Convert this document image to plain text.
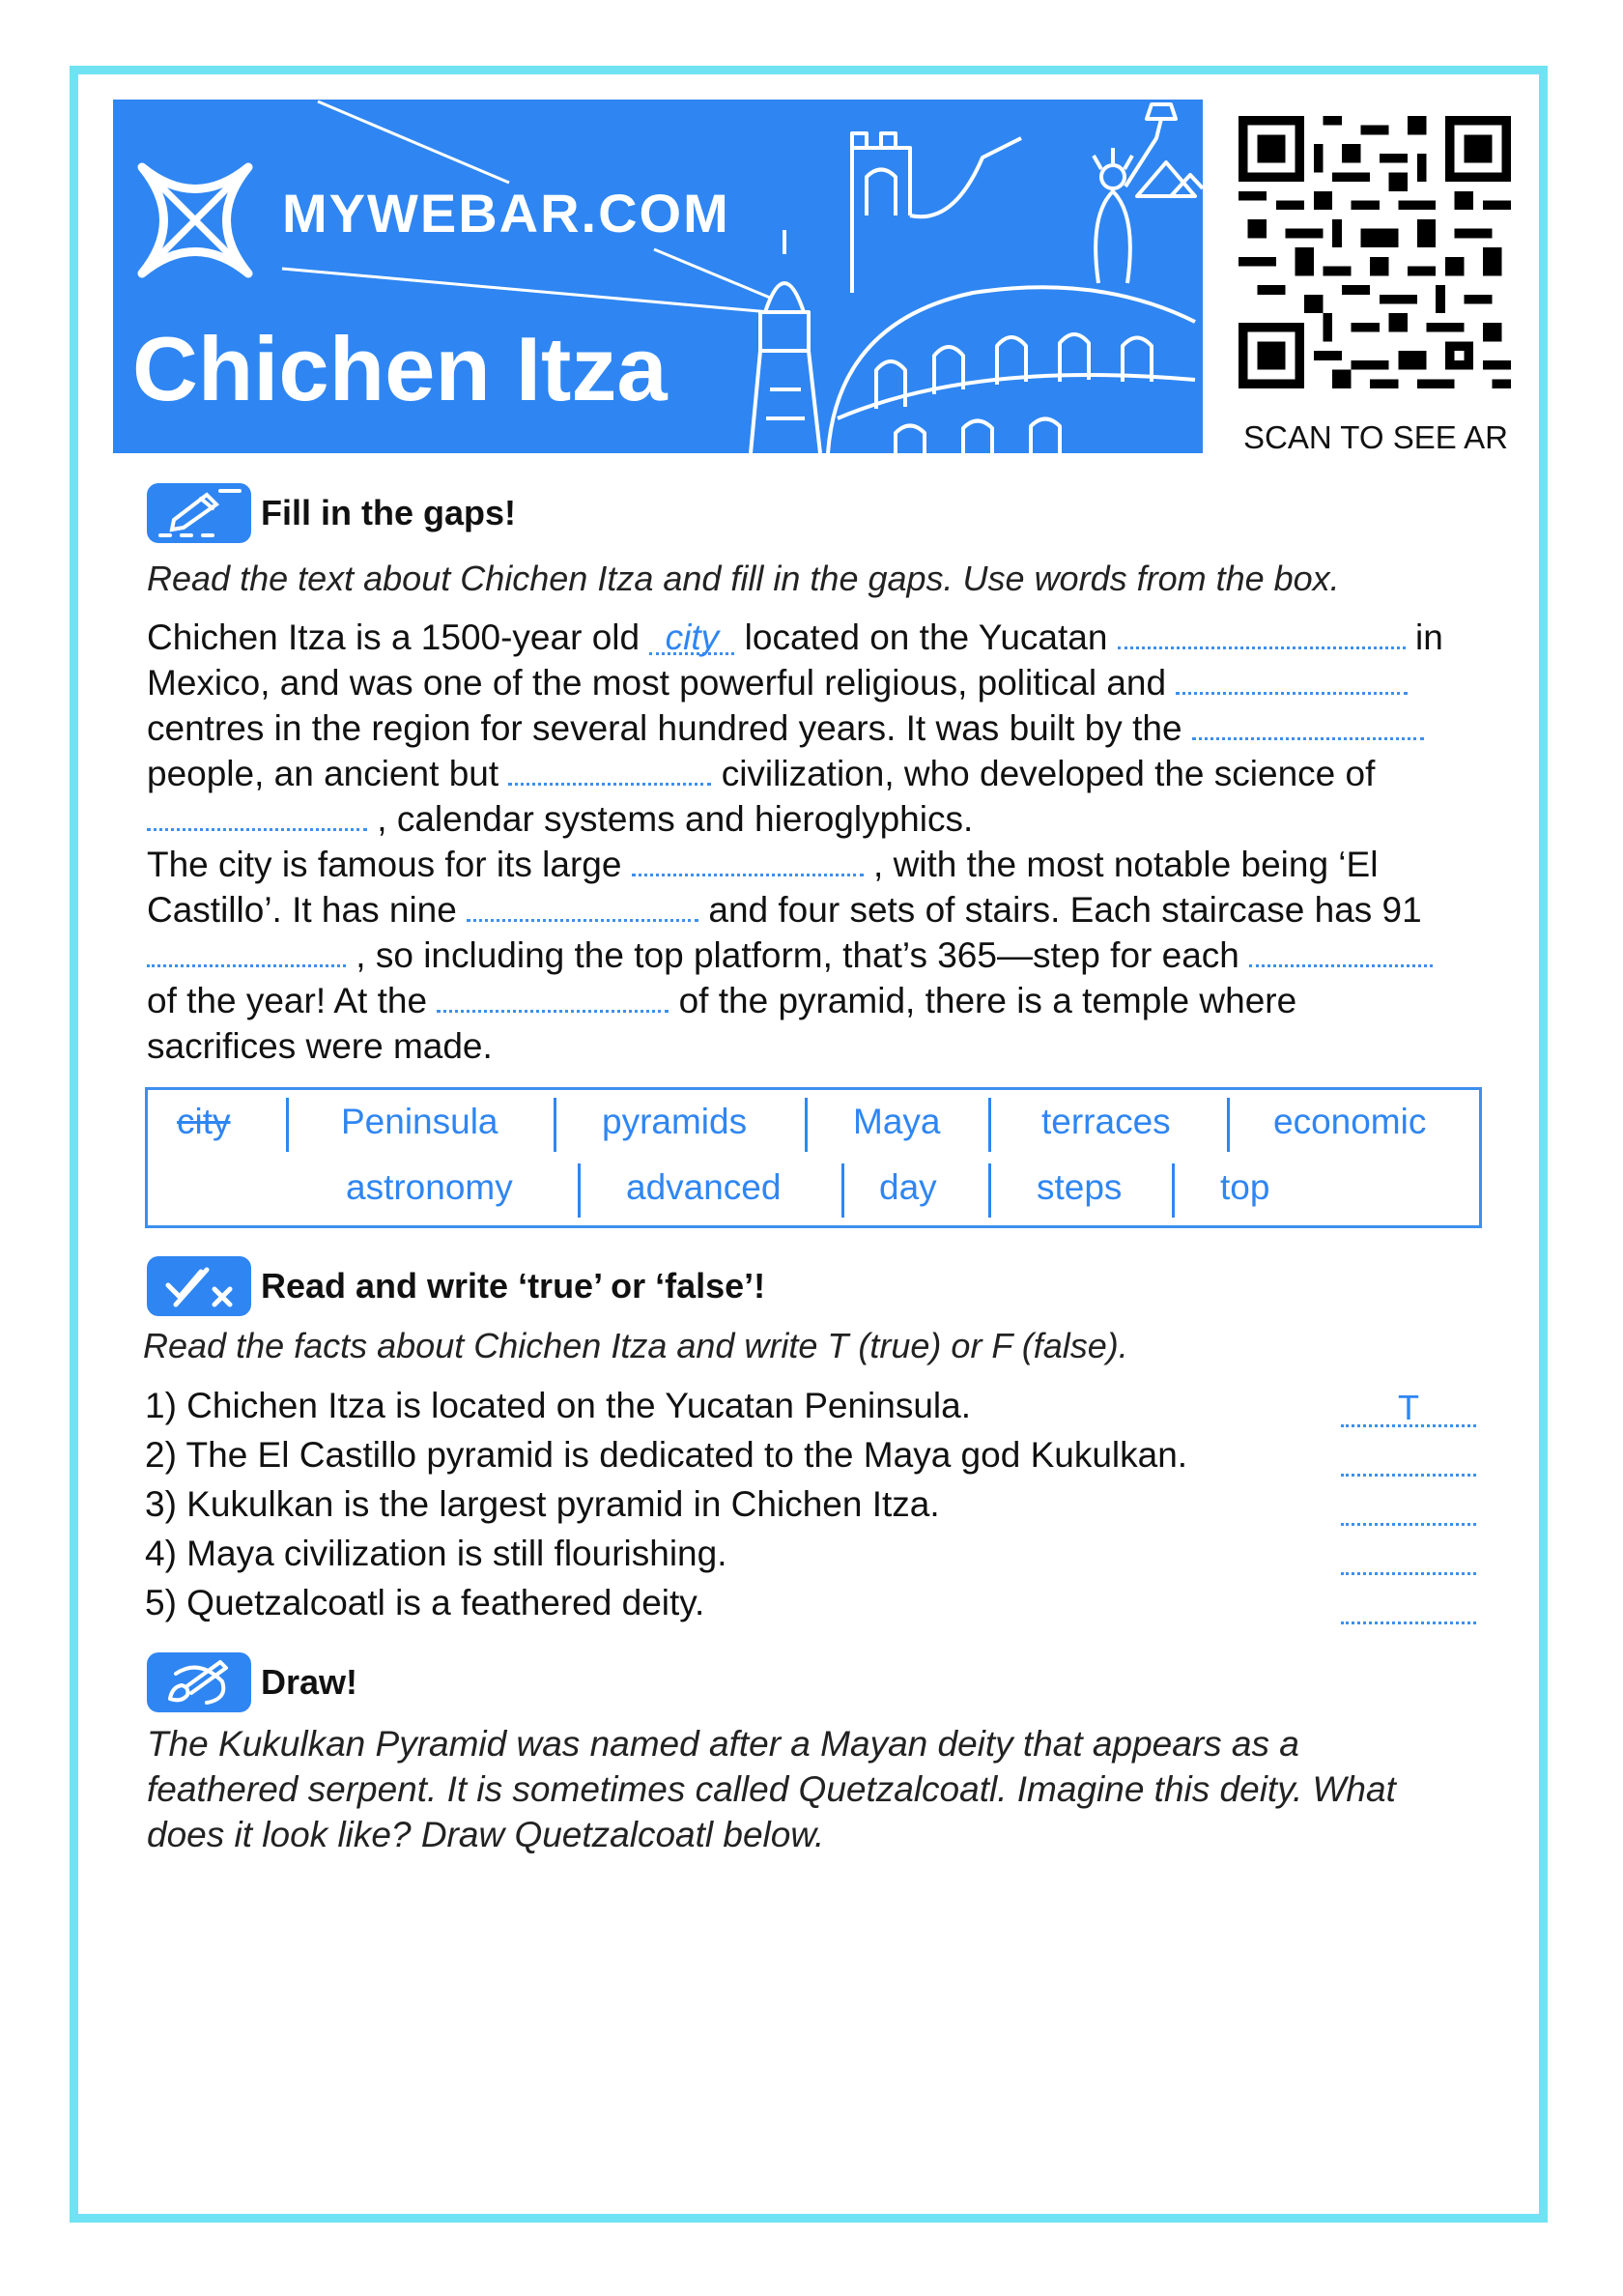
MYWEBAR.COM
Chichen Itza
SCAN TO SEE AR
Fill in the gaps!
Read the text about Chichen Itza and fill in the gaps. Use words from the box.
Chichen Itza is a 1500-year old city located on the Yucatan	in
Mexico, and was one of the most powerful religious, political and
centres in the region for several hundred years. It was built by the
people, an ancient but	civilization, who developed the science of
, calendar systems and hieroglyphics.
The city is famous for its large	, with the most notable being ‘El
Castillo’. It has nine	and four sets of stairs. Each staircase has 91
, so including the top platform, that’s 365—step for each
of the year! At the	of the pyramid, there is a temple where
sacrifices were made.
city	Peninsula	pyramids	Maya	terraces	economic
astronomy	advanced	day	steps	top
Read and write ‘true’ or ‘false’!
Read the facts about Chichen Itza and write T (true) or F (false).
1) Chichen Itza is located on the Yucatan Peninsula.	T
2) The El Castillo pyramid is dedicated to the Maya god Kukulkan.
3) Kukulkan is the largest pyramid in Chichen Itza.
4) Maya civilization is still flourishing.
5) Quetzalcoatl is a feathered deity.
Draw!
The Kukulkan Pyramid was named after a Mayan deity that appears as a
feathered serpent. It is sometimes called Quetzalcoatl. Imagine this deity. What
does it look like? Draw Quetzalcoatl below.
